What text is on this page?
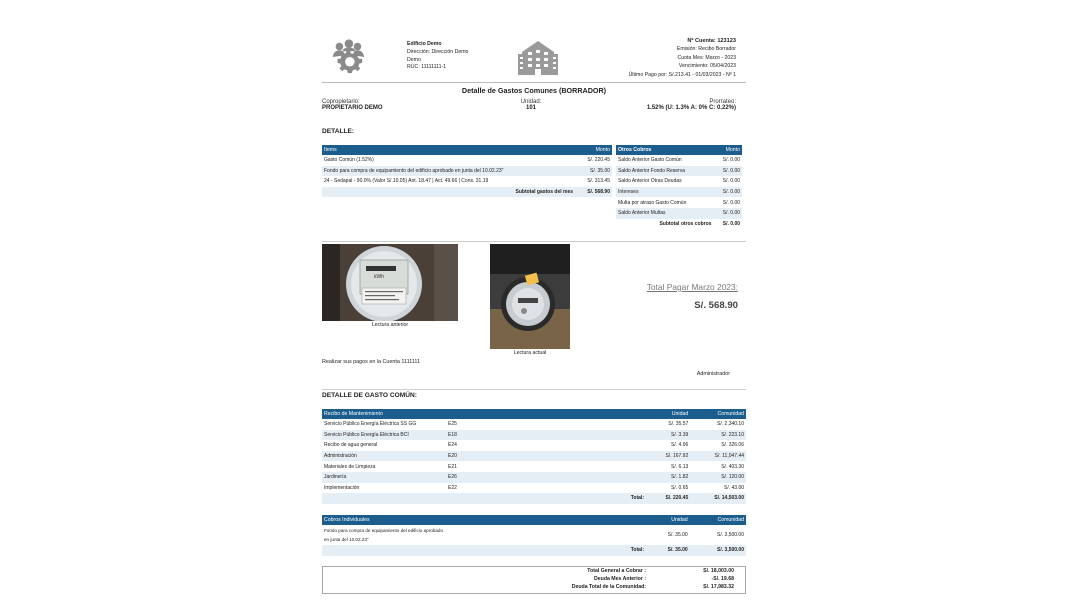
Edificio Demo
Dirección: Dirección Demo
Demo
RUC: 11111111-1
Nº Cuenta: 123123
Emisión: Recibo Borrador
Cuota Mes: Marzo - 2023
Vencimiento: 05/04/2023
Último Pago por: S/.213.41 - 01/03/2023 - Nº 1
Detalle de Gastos Comunes (BORRADOR)
Copropietario:
PROPIETARIO DEMO
Unidad:
101
Prorrateo:
1.52% (U: 1.3% A: 0% C: 0.22%)
DETALLE:
Items	Monto
Gasto Común (1.52%)	S/. 220.45
Fondo para compra de equipamiento del edificio aprobado en junta del 10.02.23"	S/. 35.00
24 - Sedapal - 90.0% (Valor S/.10.05) Ant. 18.47 | Act. 49.66 | Cons. 31.19	S/. 313.45
Subtotal gastos del mes	S/. 568.90
Otros Cobros	Monto
Saldo Anterior Gasto Común	S/. 0.00
Saldo Anterior Fondo Reserva	S/. 0.00
Saldo Anterior Otras Deudas	S/. 0.00
Intereses	S/. 0.00
Multa por atraso Gasto Común	S/. 0.00
Saldo Anterior Multas	S/. 0.00
Subtotal otros cobros	S/. 0.00
kWh
Lectura anterior
Lectura actual
Total Pagar Marzo 2023:
S/. 568.90
Realizar sus pagos en la Cuenta 1111111
Administrador
DETALLE DE GASTO COMÚN:
Recibo de Mantenimiento		Unidad	Comunidad
Servicio Público Energía Eléctrica SS GG	E25	S/. 35.57	S/. 2,340.10
Servicio Público Energía Eléctrica BCI	E18	S/. 3.39	S/. 223.10
Recibo de agua general	E24	S/. 4.96	S/. 326.06
Administración	E20	S/. 167.92	S/. 11,047.44
Materiales de Limpieza	E21	S/. 6.13	S/. 403.30
Jardinería	E26	S/. 1.82	S/. 120.00
Implementación	E22	S/. 0.65	S/. 43.00
	Total:	S/. 220.45	S/. 14,503.00
Cobros Individuales	Unidad	Comunidad

Fondo para compra de equipamiento del edificio aprobado
en junta del 10.02.23"	S/. 35.00	S/. 3,500.00
Total:	S/. 35.00	S/. 3,500.00
Total General a Cobrar :	S/. 18,003.00
Deuda Mes Anterior :	-S/. 19.68
Deuda Total de la Comunidad:	S/. 17,983.32
